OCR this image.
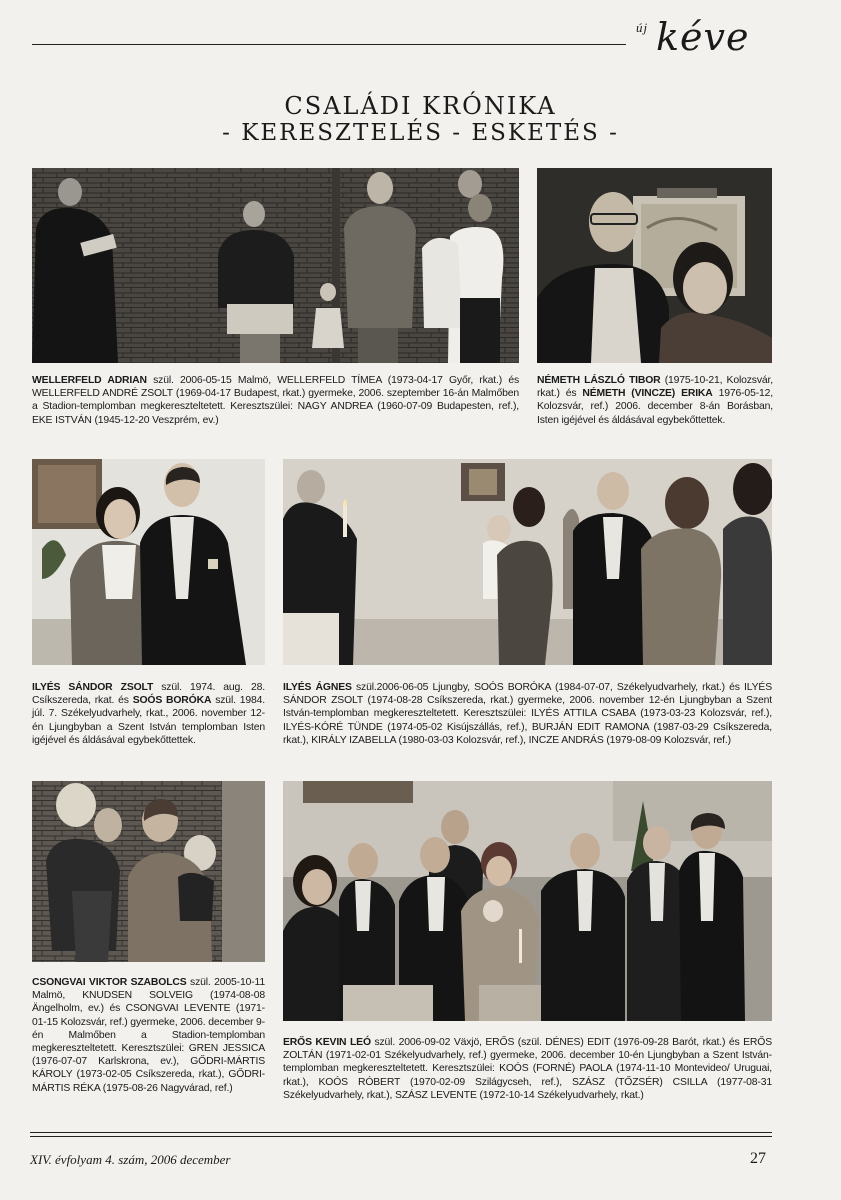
új kéve
CSALÁDI KRÓNIKA
- KERESZTELÉS - ESKETÉS -
WELLERFELD ADRIAN szül. 2006-05-15 Malmö, WELLERFELD TÍMEA (1973-04-17 Győr, rkat.) és WELLERFELD ANDRÉ ZSOLT (1969-04-17 Budapest, rkat.) gyermeke, 2006. szeptember 16-án Malmőben a Stadion-templomban megkereszteltetett. Keresztszülei: NAGY ANDREA (1960-07-09 Budapesten, ref.), EKE ISTVÁN (1945-12-20 Veszprém, ev.)
NÉMETH LÁSZLÓ TIBOR (1975-10-21, Kolozsvár, rkat.) és NÉMETH (VINCZE) ERIKA 1976-05-12, Kolozsvár, ref.) 2006. december 8-án Borásban, Isten igéjével és áldásával egybekőttettek.
ILYÉS SÁNDOR ZSOLT szül. 1974. aug. 28. Csíkszereda, rkat. és SOÓS BORÓKA szül. 1984. júl. 7. Székelyudvarhely, rkat., 2006. november 12-én Ljungbyban a Szent István templomban Isten igéjével és áldásával egybekőttettek.
ILYÉS ÁGNES szül.2006-06-05 Ljungby, SOÓS BORÓKA (1984-07-07, Székelyudvarhely, rkat.) és ILYÉS SÁNDOR ZSOLT (1974-08-28 Csíkszereda, rkat.) gyermeke, 2006. november 12-én Ljungbyban a Szent István-templomban megkereszteltetett. Keresztszülei: ILYÉS ATTILA CSABA (1973-03-23 Kolozsvár, ref.), ILYÉS-KÓRÉ TÜNDE (1974-05-02 Kisújszállás, ref.), BURJÁN EDIT RAMONA (1987-03-29 Csíkszereda, rkat.), KIRÁLY IZABELLA (1980-03-03 Kolozsvár, ref.), INCZE ANDRÁS (1979-08-09 Kolozsvár, ref.)
CSONGVAI VIKTOR SZABOLCS szül. 2005-10-11 Malmö, KNUDSEN SOLVEIG (1974-08-08 Ängelholm, ev.) és CSONGVAI LEVENTE (1971-01-15 Kolozsvár, ref.) gyermeke, 2006. december 9-én Malmőben a Stadion-templomban megkereszteltetett. Keresztszülei: GREN JESSICA (1976-07-07 Karlskrona, ev.), GŐDRI-MÁRTIS KÁROLY (1973-02-05 Csíkszereda, rkat.), GŐDRI-MÁRTIS RÉKA (1975-08-26 Nagyvárad, ref.)
ERŐS KEVIN LEÓ szül. 2006-09-02 Växjö, ERŐS (szül. DÉNES) EDIT (1976-09-28 Barót, rkat.) és ERŐS ZOLTÁN (1971-02-01 Székelyudvarhely, ref.) gyermeke, 2006. december 10-én Ljungbyban a Szent István-templomban megkereszteltetett. Keresztszülei: KOÓS (FORNÉ) PAOLA (1974-11-10 Montevideo/ Uruguai, rkat.), KOÓS RÓBERT (1970-02-09 Szilágycseh, ref.), SZÁSZ (TŐZSÉR) CSILLA (1977-08-31 Székelyudvarhely, rkat.), SZÁSZ LEVENTE (1972-10-14 Székelyudvarhely, rkat.)
XIV. évfolyam 4. szám, 2006 december	27
